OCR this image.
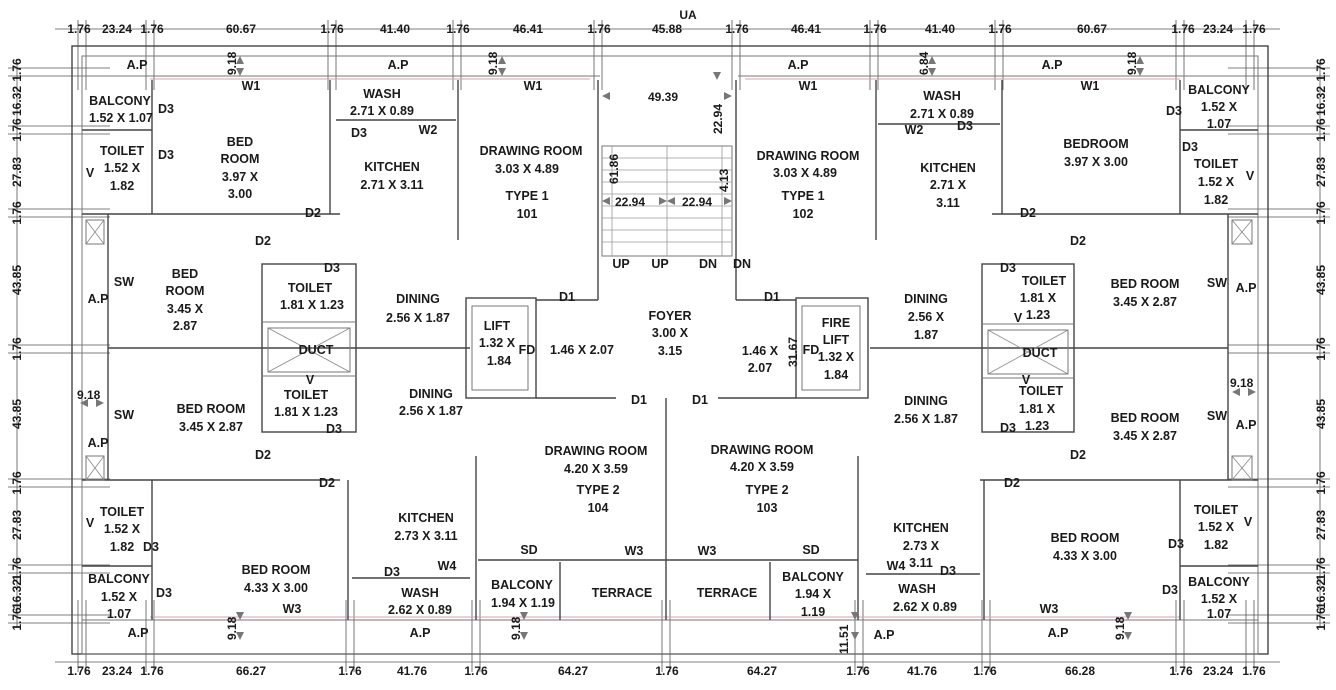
UA
1.76 23.24 1.76	60.67	1.76	41.40	1.76	46.41	1.76	45.88	1.76	46.41	1.76	41.40	1.76	60.67	1.76 23.24 1.76
1.76 23.24 1.76	66.27	1.76	41.76	1.76	64.27	1.76	64.27	1.76	41.76	1.76	66.28	1.76 23.24 1.76
1.76
16.32
1.76
27.83
1.76
43.85
1.76
43.85
1.76
27.83
1.76
16.32
1.76
1.76
16.32
1.76
27.83
1.76
43.85
1.76
43.85
1.76
27.83
1.76
16.32
1.76
9.18	9.18	6.84	9.18
9.18	9.18	11.51	9.18
49.39
22.94
61.86	4.13
22.94	22.94
31.67
9.18
9.18
A.P	A.P	A.P	A.P
A.P
A.P
A.P
A.P
A.P	A.P	A.P	A.P
W1	W1	W1	W1
W2	W2
D3
D3
D3	D3
D3
D3
D2	D2
D2	D2
BALCONY
1.52 X 1.07
TOILET
1.52 X
1.82
V
BED
ROOM
3.97 X
3.00
WASH
2.71 X 0.89
KITCHEN
2.71 X 3.11
DRAWING ROOM
3.03 X 4.89
TYPE 1
101
DRAWING ROOM
3.03 X 4.89
TYPE 1
102
WASH
2.71 X 0.89
KITCHEN
2.71 X
3.11
BEDROOM
3.97 X 3.00
BALCONY
1.52 X
1.07
TOILET
1.52 X
1.82
V
UP UP DN DN
SW
SW
BED
ROOM
3.45 X
2.87
D3
TOILET
1.81 X 1.23
DUCT
V
TOILET
1.81 X 1.23
D3
BED ROOM
3.45 X 2.87
D2
DINING
2.56 X 1.87
DINING
2.56 X 1.87
D1	D1
LIFT
1.32 X
1.84
FD 1.46 X 2.07
FOYER
3.00 X
3.15	1.46 X
2.07
FD
FIRE
LIFT
1.32 X
1.84
D1	D1
DINING
2.56 X
1.87
DINING
2.56 X 1.87
D3
TOILET
1.81 X
V 1.23
DUCT
V
TOILET
1.81 X
D3 1.23
BED ROOM
3.45 X 2.87
BED ROOM
3.45 X 2.87
SW
SW
D2
D2
TOILET
1.52 X
1.82 D3
V
BALCONY
1.52 X
1.07
D3
BED ROOM
4.33 X 3.00
W3
KITCHEN
2.73 X 3.11
D3	W4
WASH
2.62 X 0.89
DRAWING ROOM
4.20 X 3.59
TYPE 2
104
SD	W3
BALCONY
1.94 X 1.19
TERRACE	TERRACE
W3	SD
BALCONY
1.94 X
1.19
DRAWING ROOM
4.20 X 3.59
TYPE 2
103
KITCHEN
2.73 X
3.11
W4	D3
WASH
2.62 X 0.89
D2
BED ROOM
4.33 X 3.00
W3
D3
D3
TOILET
1.52 X
1.82
V
BALCONY
1.52 X
1.07
